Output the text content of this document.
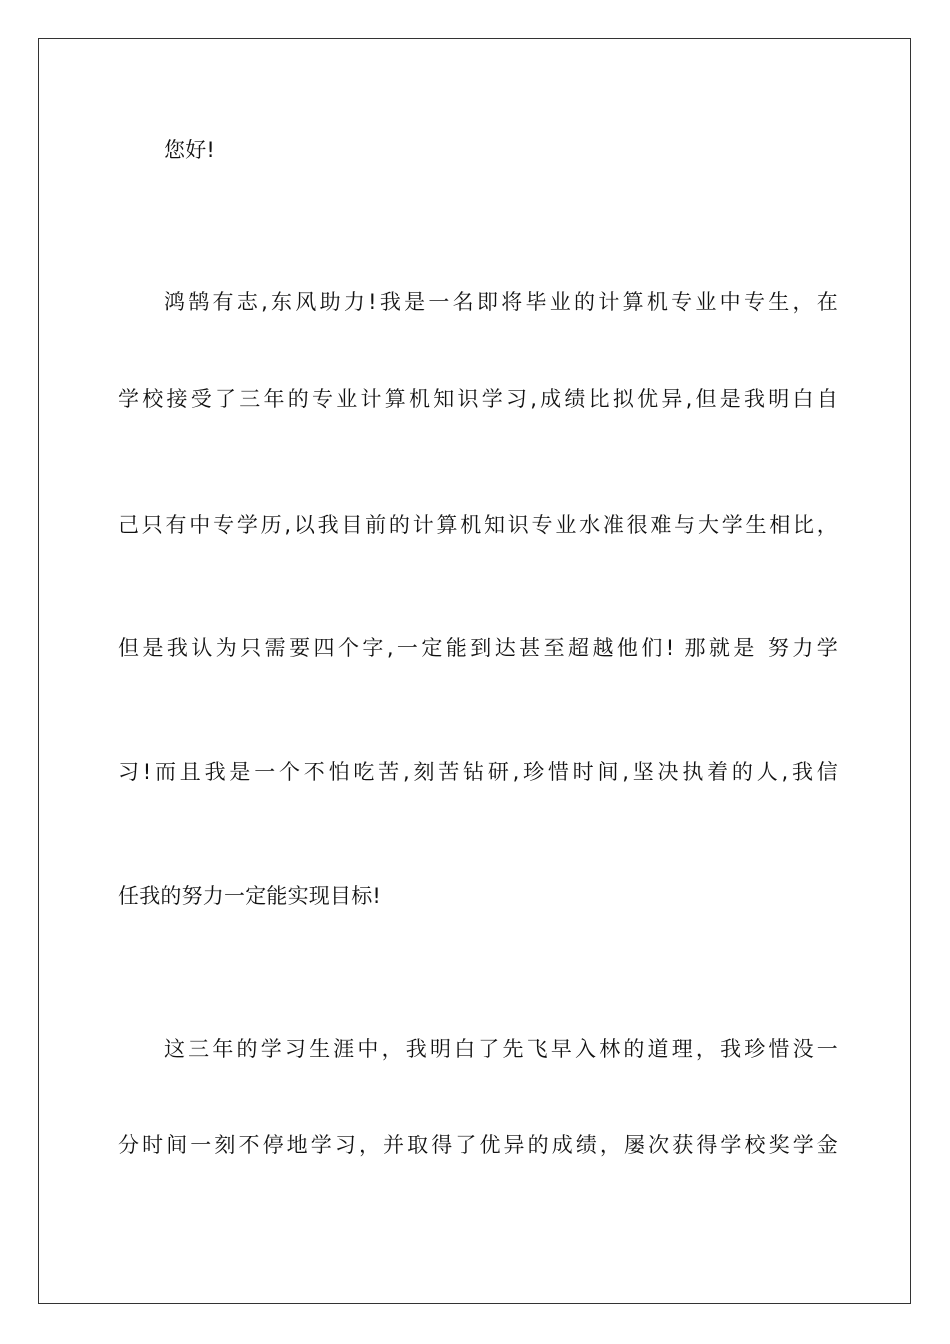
您好!
鸿鹄有志,东风助力!我是一名即将毕业的计算机专业中专生，在
学校接受了三年的专业计算机知识学习,成绩比拟优异,但是我明白自
己只有中专学历,以我目前的计算机知识专业水准很难与大学生相比，
但是我认为只需要四个字,一定能到达甚至超越他们! 那就是 努力学
习!而且我是一个不怕吃苦,刻苦钻研,珍惜时间,坚决执着的人,我信
任我的努力一定能实现目标!
这三年的学习生涯中，我明白了先飞早入林的道理，我珍惜没一
分时间一刻不停地学习，并取得了优异的成绩，屡次获得学校奖学金
